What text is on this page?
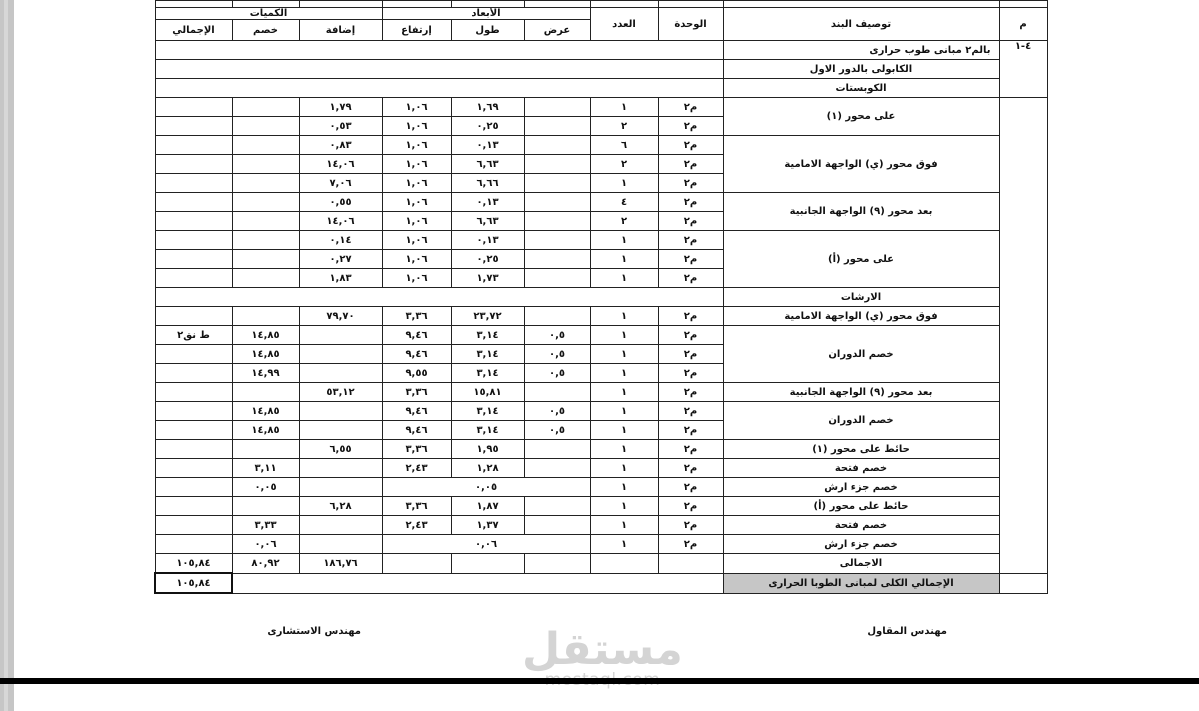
م	توصيف البند	الوحدة	العدد	الأبعاد			الكميات		
				عرض	طول	إرتفاع	إضافة	خصم	الإجمالي
٤-١	بالم٢ مبانى طوب حرارى								
	الكابولى بالدور الاول								
	الكوبستات								
	على محور (١)	م٢	١		١,٦٩	١,٠٦	١,٧٩		
		م٢	٢		٠,٢٥	١,٠٦	٠,٥٣		
	فوق محور (ي) الواجهة الامامية	م٢	٦		٠,١٣	١,٠٦	٠,٨٣		
		م٢	٢		٦,٦٣	١,٠٦	١٤,٠٦		
		م٢	١		٦,٦٦	١,٠٦	٧,٠٦		
	بعد محور (٩) الواجهة الجانبية	م٢	٤		٠,١٣	١,٠٦	٠,٥٥		
		م٢	٢		٦,٦٣	١,٠٦	١٤,٠٦		
	على محور (أ)	م٢	١		٠,١٣	١,٠٦	٠,١٤		
		م٢	١		٠,٢٥	١,٠٦	٠,٢٧		
		م٢	١		١,٧٣	١,٠٦	١,٨٣		
	الارشات								
	فوق محور (ي) الواجهة الامامية	م٢	١		٢٣,٧٢	٣,٣٦	٧٩,٧٠		
	خصم الدوران	م٢	١	٠,٥	٣,١٤	٩,٤٦		١٤,٨٥	ط نق٢
		م٢	١	٠,٥	٣,١٤	٩,٤٦		١٤,٨٥	
		م٢	١	٠,٥	٣,١٤	٩,٥٥		١٤,٩٩	
	بعد محور (٩) الواجهة الجانبية	م٢	١		١٥,٨١	٣,٣٦	٥٣,١٢		
	خصم الدوران	م٢	١	٠,٥	٣,١٤	٩,٤٦		١٤,٨٥	
		م٢	١	٠,٥	٣,١٤	٩,٤٦		١٤,٨٥	
	حائط على محور (١)	م٢	١		١,٩٥	٣,٣٦	٦,٥٥		
	خصم فتحة	م٢	١		١,٢٨	٢,٤٣		٣,١١	
	خصم جزء ارش	م٢	١	٠,٠٥				٠,٠٥	
	حائط على محور (أ)	م٢	١		١,٨٧	٣,٣٦	٦,٢٨		
	خصم فتحة	م٢	١		١,٣٧	٢,٤٣		٣,٣٣	
	خصم جزء ارش	م٢	١	٠,٠٦				٠,٠٦	
	الاجمالى						١٨٦,٧٦	٨٠,٩٢	١٠٥,٨٤
	الإجمالي الكلى لمبانى الطوبا الحرارى								١٠٥,٨٤
مهندس المقاول
مهندس الاستشارى	مستقل
